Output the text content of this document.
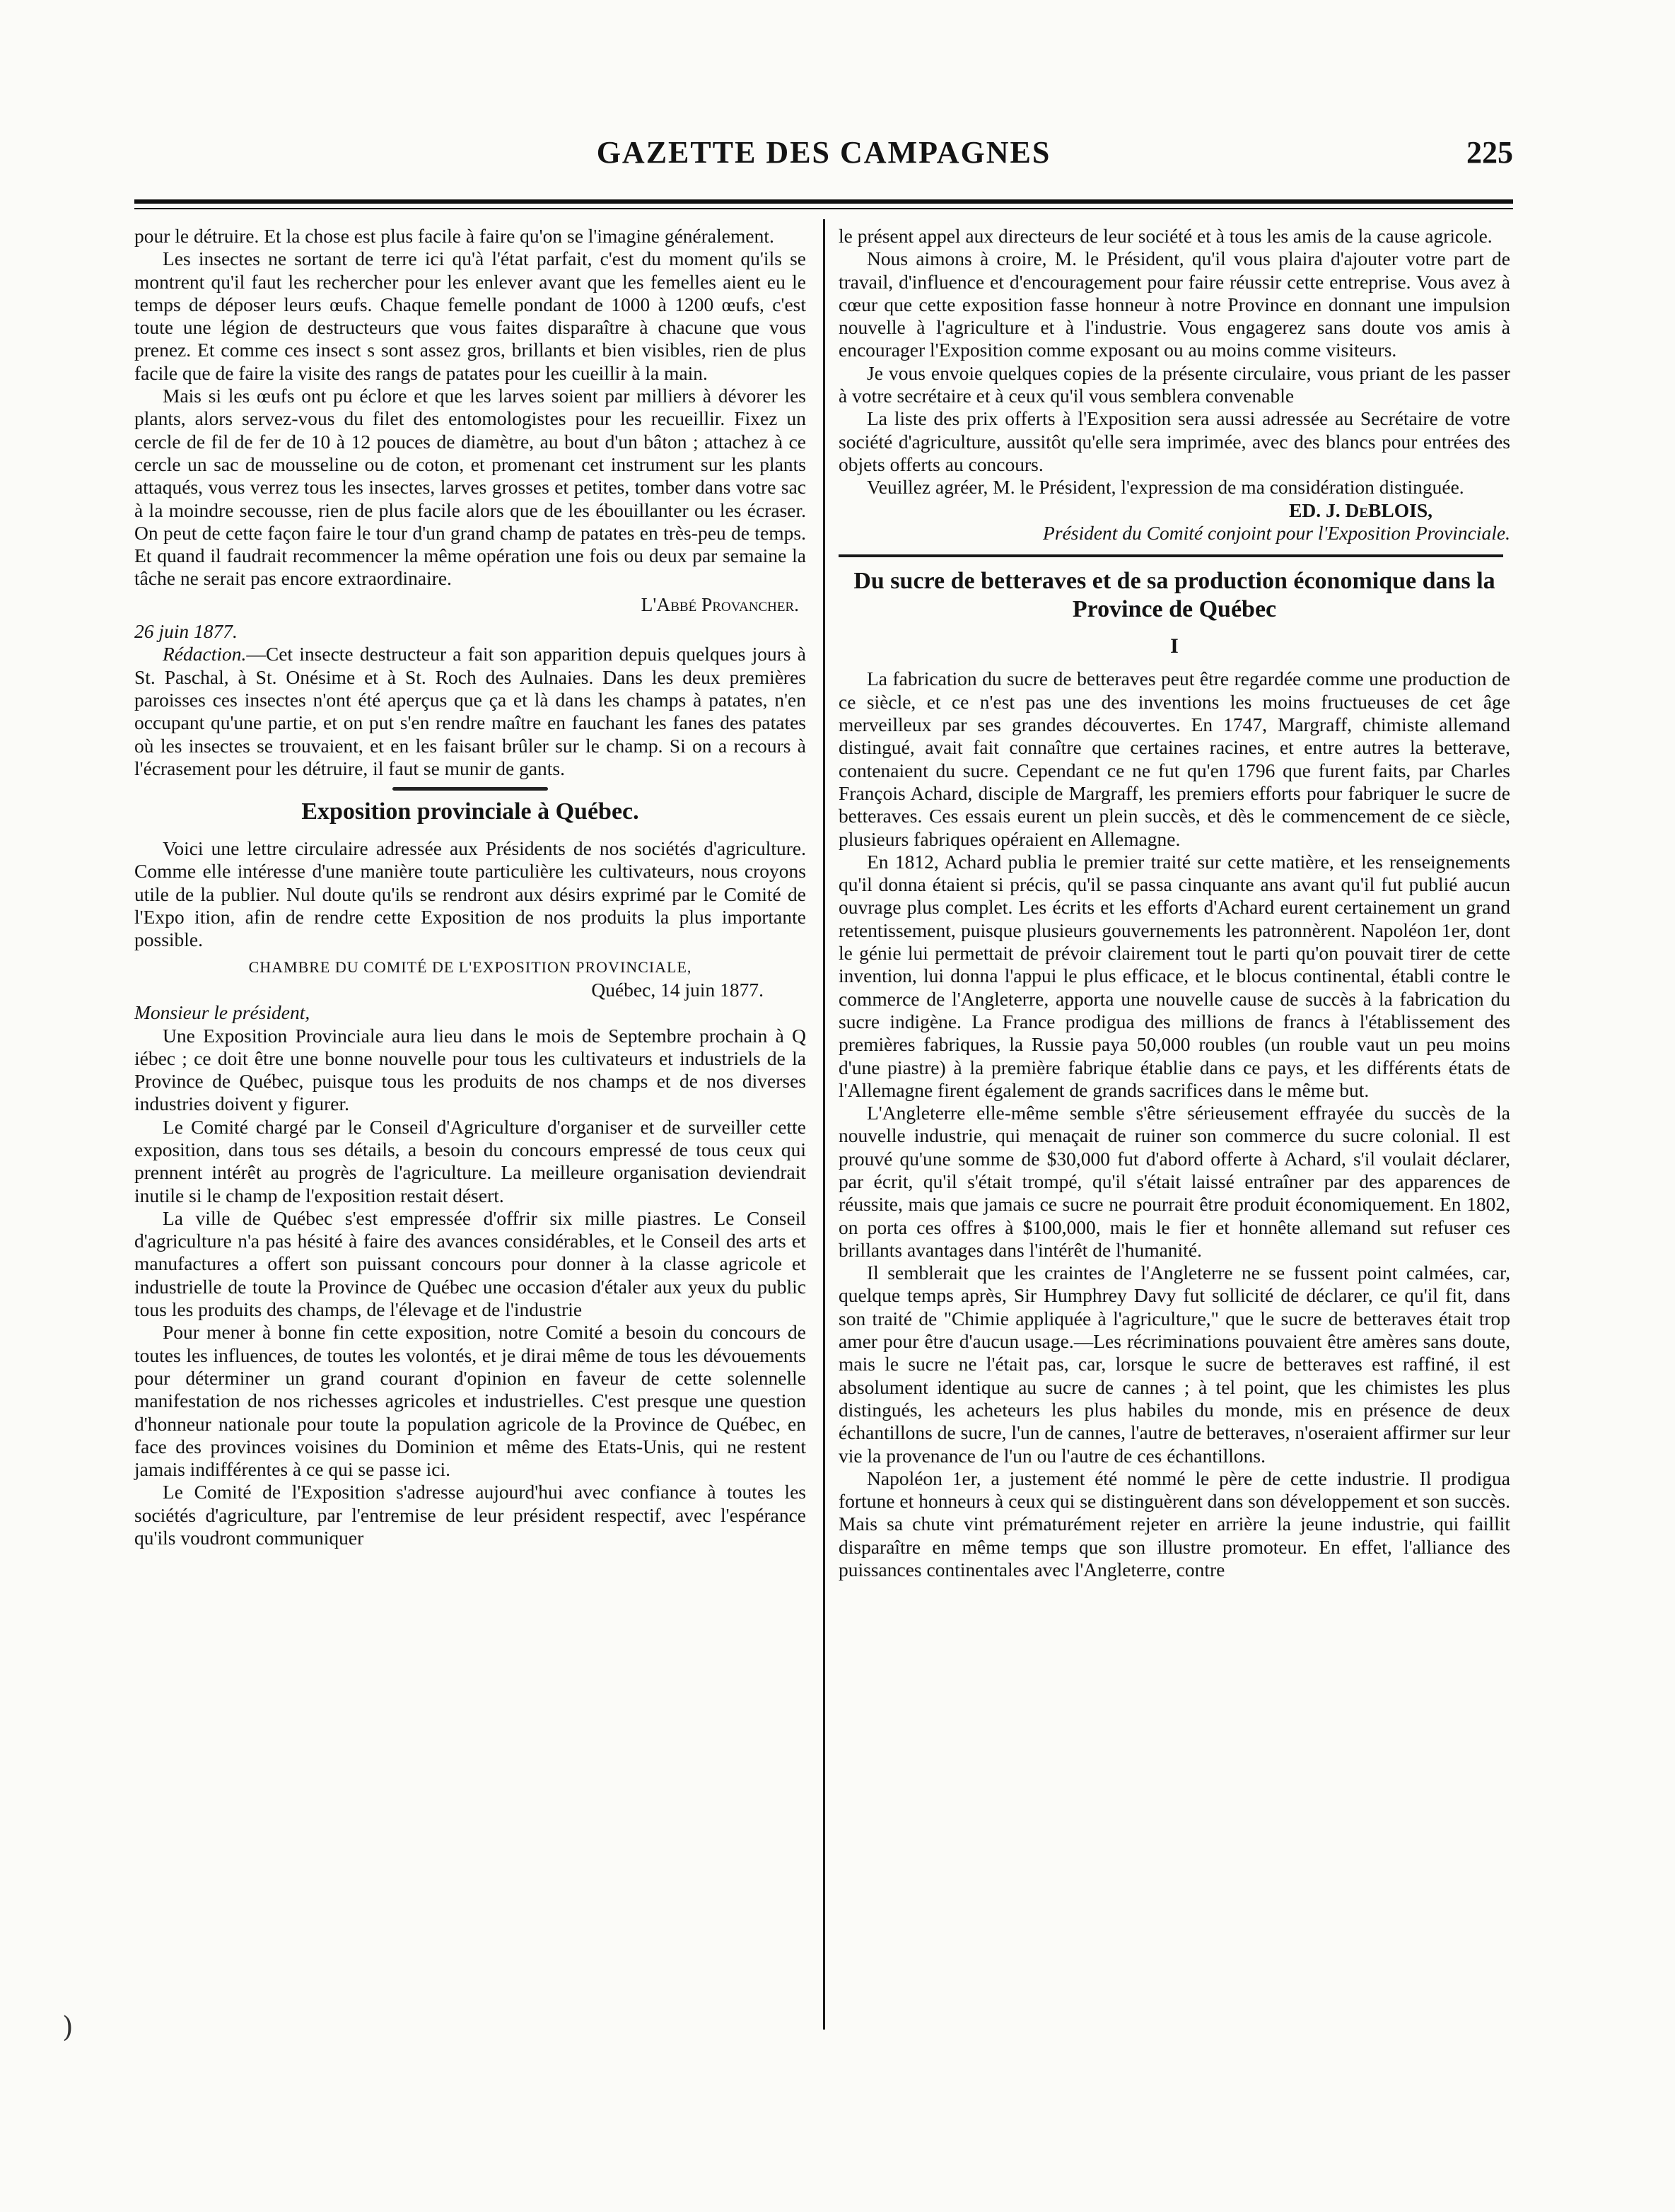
GAZETTE DES CAMPAGNES	225

pour le détruire. Et la chose est plus facile à faire qu'on se l'imagine généralement.

Les insectes ne sortant de terre ici qu'à l'état parfait, c'est du moment qu'ils se montrent qu'il faut les rechercher pour les enlever avant que les femelles aient eu le temps de déposer leurs œufs. Chaque femelle pondant de 1000 à 1200 œufs, c'est toute une légion de destructeurs que vous faites disparaître à chacune que vous prenez. Et comme ces insect s sont assez gros, brillants et bien visibles, rien de plus facile que de faire la visite des rangs de patates pour les cueillir à la main.

Mais si les œufs ont pu éclore et que les larves soient par milliers à dévorer les plants, alors servez-vous du filet des entomologistes pour les recueillir. Fixez un cercle de fil de fer de 10 à 12 pouces de diamètre, au bout d'un bâton ; attachez à ce cercle un sac de mousseline ou de coton, et promenant cet instrument sur les plants attaqués, vous verrez tous les insectes, larves grosses et petites, tomber dans votre sac à la moindre secousse, rien de plus facile alors que de les ébouillanter ou les écraser. On peut de cette façon faire le tour d'un grand champ de patates en très-peu de temps. Et quand il faudrait recommencer la même opération une fois ou deux par semaine la tâche ne serait pas encore extraordinaire.

L'Abbé Provancher.
26 juin 1877.

Rédaction.—Cet insecte destructeur a fait son apparition depuis quelques jours à St. Paschal, à St. Onésime et à St. Roch des Aulnaies. Dans les deux premières paroisses ces insectes n'ont été aperçus que ça et là dans les champs à patates, n'en occupant qu'une partie, et on put s'en rendre maître en fauchant les fanes des patates où les insectes se trouvaient, et en les faisant brûler sur le champ. Si on a recours à l'écrasement pour les détruire, il faut se munir de gants.

Exposition provinciale à Québec.

Voici une lettre circulaire adressée aux Présidents de nos sociétés d'agriculture. Comme elle intéresse d'une manière toute particulière les cultivateurs, nous croyons utile de la publier. Nul doute qu'ils se rendront aux désirs exprimé par le Comité de l'Expo ition, afin de rendre cette Exposition de nos produits la plus importante possible.

CHAMBRE DU COMITÉ DE L'EXPOSITION PROVINCIALE,

Québec, 14 juin 1877.

Monsieur le président,

Une Exposition Provinciale aura lieu dans le mois de Septembre prochain à Q iébec ; ce doit être une bonne nouvelle pour tous les cultivateurs et industriels de la Province de Québec, puisque tous les produits de nos champs et de nos diverses industries doivent y figurer.

Le Comité chargé par le Conseil d'Agriculture d'organiser et de surveiller cette exposition, dans tous ses détails, a besoin du concours empressé de tous ceux qui prennent intérêt au progrès de l'agriculture. La meilleure organisation deviendrait inutile si le champ de l'exposition restait désert.

La ville de Québec s'est empressée d'offrir six mille piastres. Le Conseil d'agriculture n'a pas hésité à faire des avances considérables, et le Conseil des arts et manufactures a offert son puissant concours pour donner à la classe agricole et industrielle de toute la Province de Québec une occasion d'étaler aux yeux du public tous les produits des champs, de l'élevage et de l'industrie

Pour mener à bonne fin cette exposition, notre Comité a besoin du concours de toutes les influences, de toutes les volontés, et je dirai même de tous les dévouements pour déterminer un grand courant d'opinion en faveur de cette solennelle manifestation de nos richesses agricoles et industrielles. C'est presque une question d'honneur nationale pour toute la population agricole de la Province de Québec, en face des provinces voisines du Dominion et même des Etats-Unis, qui ne restent jamais indifférentes à ce qui se passe ici.

Le Comité de l'Exposition s'adresse aujourd'hui avec confiance à toutes les sociétés d'agriculture, par l'entremise de leur président respectif, avec l'espérance qu'ils voudront communiquer

le présent appel aux directeurs de leur société et à tous les amis de la cause agricole.

Nous aimons à croire, M. le Président, qu'il vous plaira d'ajouter votre part de travail, d'influence et d'encouragement pour faire réussir cette entreprise. Vous avez à cœur que cette exposition fasse honneur à notre Province en donnant une impulsion nouvelle à l'agriculture et à l'industrie. Vous engagerez sans doute vos amis à encourager l'Exposition comme exposant ou au moins comme visiteurs.

Je vous envoie quelques copies de la présente circulaire, vous priant de les passer à votre secrétaire et à ceux qu'il vous semblera convenable

La liste des prix offerts à l'Exposition sera aussi adressée au Secrétaire de votre société d'agriculture, aussitôt qu'elle sera imprimée, avec des blancs pour entrées des objets offerts au concours.

Veuillez agréer, M. le Président, l'expression de ma considération distinguée.

ED. J. DeBLOIS,

Président du Comité conjoint pour l'Exposition Provinciale.

Du sucre de betteraves et de sa production économique dans la Province de Québec
I

La fabrication du sucre de betteraves peut être regardée comme une production de ce siècle, et ce n'est pas une des inventions les moins fructueuses de cet âge merveilleux par ses grandes découvertes. En 1747, Margraff, chimiste allemand distingué, avait fait connaître que certaines racines, et entre autres la betterave, contenaient du sucre. Cependant ce ne fut qu'en 1796 que furent faits, par Charles François Achard, disciple de Margraff, les premiers efforts pour fabriquer le sucre de betteraves. Ces essais eurent un plein succès, et dès le commencement de ce siècle, plusieurs fabriques opéraient en Allemagne.

En 1812, Achard publia le premier traité sur cette matière, et les renseignements qu'il donna étaient si précis, qu'il se passa cinquante ans avant qu'il fut publié aucun ouvrage plus complet. Les écrits et les efforts d'Achard eurent certainement un grand retentissement, puisque plusieurs gouvernements les patronnèrent. Napoléon 1er, dont le génie lui permettait de prévoir clairement tout le parti qu'on pouvait tirer de cette invention, lui donna l'appui le plus efficace, et le blocus continental, établi contre le commerce de l'Angleterre, apporta une nouvelle cause de succès à la fabrication du sucre indigène. La France prodigua des millions de francs à l'établissement des premières fabriques, la Russie paya 50,000 roubles (un rouble vaut un peu moins d'une piastre) à la première fabrique établie dans ce pays, et les différents états de l'Allemagne firent également de grands sacrifices dans le même but.

L'Angleterre elle-même semble s'être sérieusement effrayée du succès de la nouvelle industrie, qui menaçait de ruiner son commerce du sucre colonial. Il est prouvé qu'une somme de $30,000 fut d'abord offerte à Achard, s'il voulait déclarer, par écrit, qu'il s'était trompé, qu'il s'était laissé entraîner par des apparences de réussite, mais que jamais ce sucre ne pourrait être produit économiquement. En 1802, on porta ces offres à $100,000, mais le fier et honnête allemand sut refuser ces brillants avantages dans l'intérêt de l'humanité.

Il semblerait que les craintes de l'Angleterre ne se fussent point calmées, car, quelque temps après, Sir Humphrey Davy fut sollicité de déclarer, ce qu'il fit, dans son traité de "Chimie appliquée à l'agriculture," que le sucre de betteraves était trop amer pour être d'aucun usage.—Les récriminations pouvaient être amères sans doute, mais le sucre ne l'était pas, car, lorsque le sucre de betteraves est raffiné, il est absolument identique au sucre de cannes ; à tel point, que les chimistes les plus distingués, les acheteurs les plus habiles du monde, mis en présence de deux échantillons de sucre, l'un de cannes, l'autre de betteraves, n'oseraient affirmer sur leur vie la provenance de l'un ou l'autre de ces échantillons.

Napoléon 1er, a justement été nommé le père de cette industrie. Il prodigua fortune et honneurs à ceux qui se distinguèrent dans son développement et son succès. Mais sa chute vint prématurément rejeter en arrière la jeune industrie, qui faillit disparaître en même temps que son illustre promoteur. En effet, l'alliance des puissances continentales avec l'Angleterre, contre

)
